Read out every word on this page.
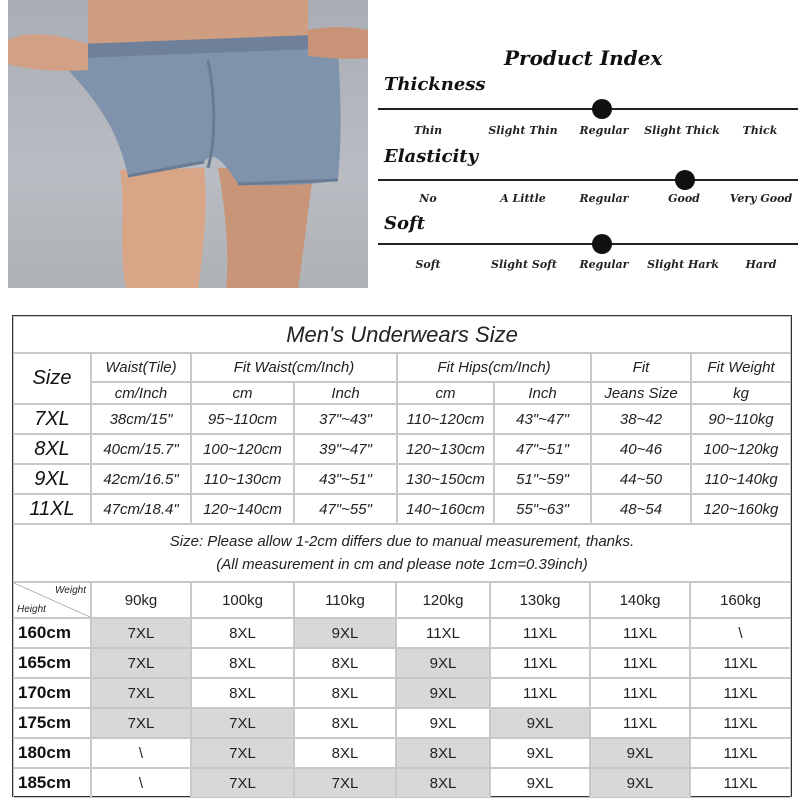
Product Index
Thickness
Thin	Slight Thin Regular Slight Thick Thick
Elasticity
No	A Little	Regular	Good	Very Good
Soft
Soft	Slight Soft Regular Slight Hark Hard
Men's Underwears Size
Size	Waist(Tile)	Fit Waist(cm/Inch)	Fit Hips(cm/Inch)	Fit	Fit Weight
cm/Inch	cm	Inch	cm	Inch	Jeans Size	kg
7XL	38cm/15"	95~110cm	37"~43"	110~120cm	43"~47"	38~42	90~110kg
8XL	40cm/15.7"	100~120cm	39"~47"	120~130cm	47"~51"	40~46	100~120kg
9XL	42cm/16.5"	110~130cm	43"~51"	130~150cm	51"~59"	44~50	110~140kg
11XL	47cm/18.4"	120~140cm	47"~55"	140~160cm	55"~63"	48~54	120~160kg
Size: Please allow 1-2cm differs due to manual measurement, thanks.
(All measurement in cm and please note 1cm=0.39inch)
Weight
Height
90kg	100kg	110kg	120kg	130kg	140kg	160kg
160cm	7XL	8XL	9XL	11XL	11XL	11XL	\
165cm	7XL	8XL	8XL	9XL	11XL	11XL	11XL
170cm	7XL	8XL	8XL	9XL	11XL	11XL	11XL
175cm	7XL	7XL	8XL	9XL	9XL	11XL	11XL
180cm	\	7XL	8XL	8XL	9XL	9XL	11XL
185cm	\	7XL	7XL	8XL	9XL	9XL	11XL
